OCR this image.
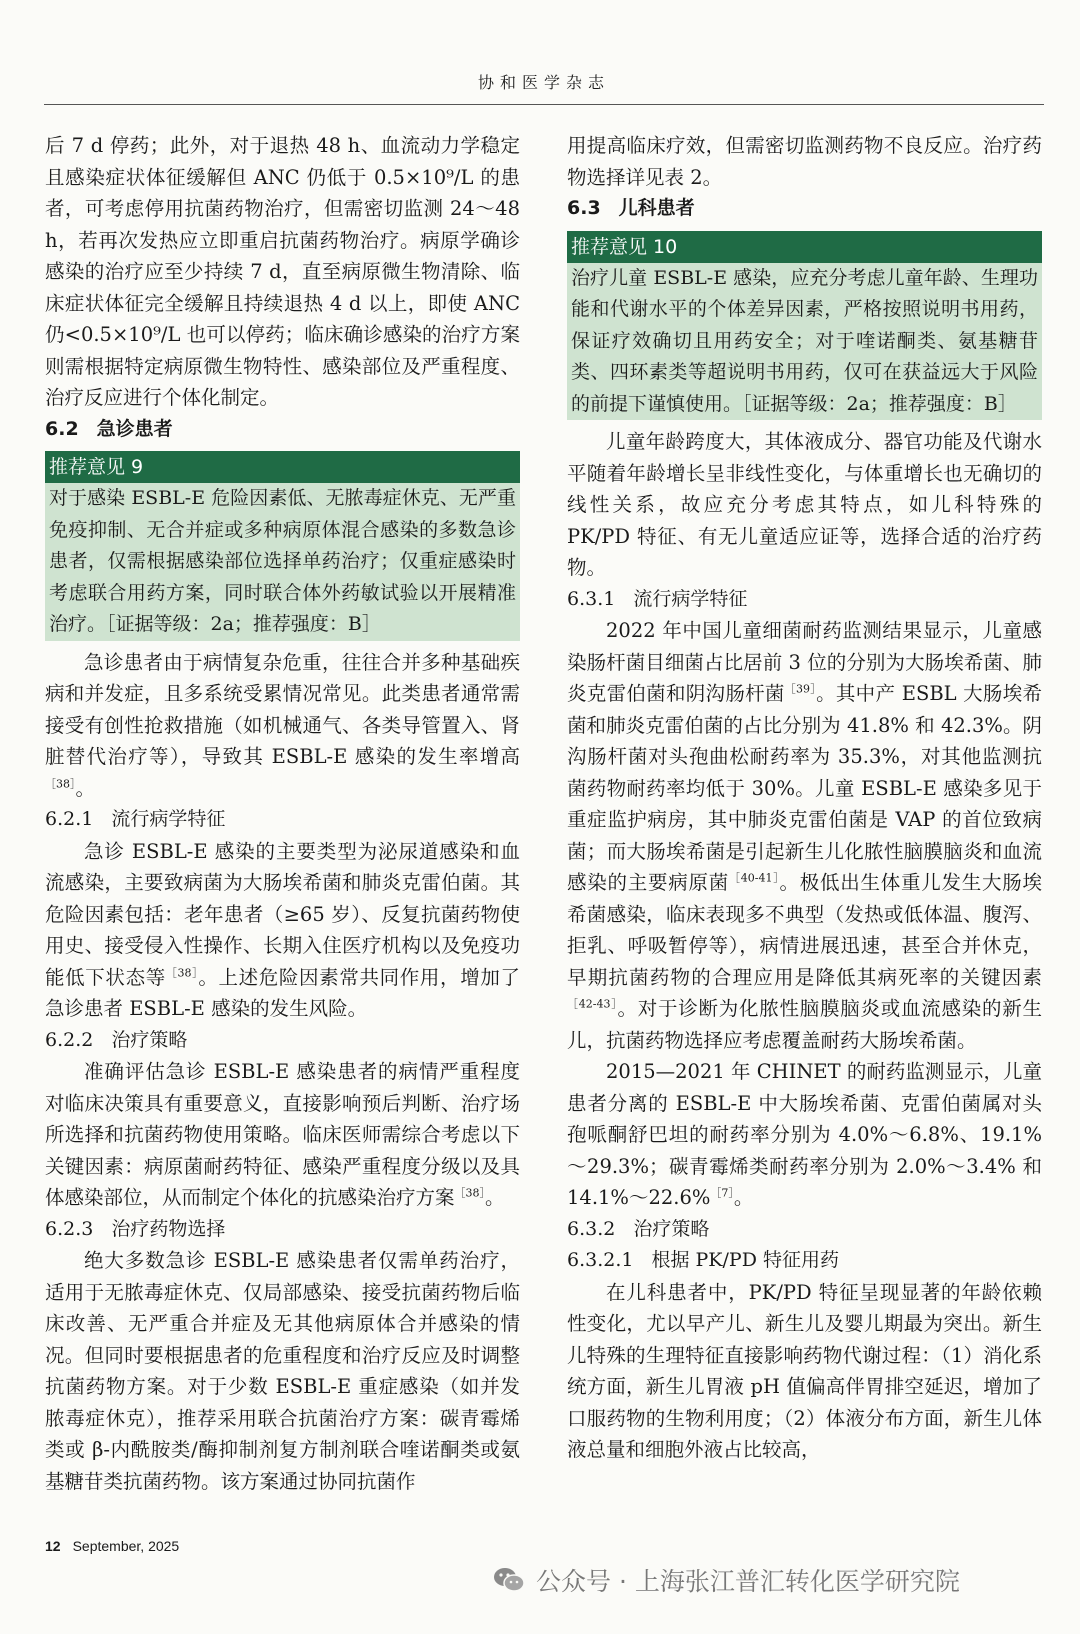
协和医学杂志

后 7 d 停药；此外，对于退热 48 h、血流动力学稳定且感染症状体征缓解但 ANC 仍低于 0.5×10⁹/L 的患者，可考虑停用抗菌药物治疗，但需密切监测 24～48 h，若再次发热应立即重启抗菌药物治疗。病原学确诊感染的治疗应至少持续 7 d，直至病原微生物清除、临床症状体征完全缓解且持续退热 4 d 以上，即使 ANC 仍<0.5×10⁹/L 也可以停药；临床确诊感染的治疗方案则需根据特定病原微生物特性、感染部位及严重程度、治疗反应进行个体化制定。

6.2 急诊患者
推荐意见 9
对于感染 ESBL-E 危险因素低、无脓毒症休克、无严重免疫抑制、无合并症或多种病原体混合感染的多数急诊患者，仅需根据感染部位选择单药治疗；仅重症感染时考虑联合用药方案，同时联合体外药敏试验以开展精准治疗。［证据等级：2a；推荐强度：B］

急诊患者由于病情复杂危重，往往合并多种基础疾病和并发症，且多系统受累情况常见。此类患者通常需接受有创性抢救措施（如机械通气、各类导管置入、肾脏替代治疗等），导致其 ESBL-E 感染的发生率增高$^{[38]}$。

6.2.1 流行病学特征

急诊 ESBL-E 感染的主要类型为泌尿道感染和血流感染，主要致病菌为大肠埃希菌和肺炎克雷伯菌。其危险因素包括：老年患者（≥65 岁）、反复抗菌药物使用史、接受侵入性操作、长期入住医疗机构以及免疫功能低下状态等$^{[38]}$。上述危险因素常共同作用，增加了急诊患者 ESBL-E 感染的发生风险。

6.2.2 治疗策略

准确评估急诊 ESBL-E 感染患者的病情严重程度对临床决策具有重要意义，直接影响预后判断、治疗场所选择和抗菌药物使用策略。临床医师需综合考虑以下关键因素：病原菌耐药特征、感染严重程度分级以及具体感染部位，从而制定个体化的抗感染治疗方案$^{[38]}$。

6.2.3 治疗药物选择

绝大多数急诊 ESBL-E 感染患者仅需单药治疗，适用于无脓毒症休克、仅局部感染、接受抗菌药物后临床改善、无严重合并症及无其他病原体合并感染的情况。但同时要根据患者的危重程度和治疗反应及时调整抗菌药物方案。对于少数 ESBL-E 重症感染（如并发脓毒症休克），推荐采用联合抗菌治疗方案：碳青霉烯类或 β-内酰胺类/酶抑制剂复方制剂联合喹诺酮类或氨基糖苷类抗菌药物。该方案通过协同抗菌作

用提高临床疗效，但需密切监测药物不良反应。治疗药物选择详见表 2。

6.3 儿科患者
推荐意见 10
治疗儿童 ESBL-E 感染，应充分考虑儿童年龄、生理功能和代谢水平的个体差异因素，严格按照说明书用药，保证疗效确切且用药安全；对于喹诺酮类、氨基糖苷类、四环素类等超说明书用药，仅可在获益远大于风险的前提下谨慎使用。［证据等级：2a；推荐强度：B］

儿童年龄跨度大，其体液成分、器官功能及代谢水平随着年龄增长呈非线性变化，与体重增长也无确切的线性关系，故应充分考虑其特点，如儿科特殊的 PK/PD 特征、有无儿童适应证等，选择合适的治疗药物。

6.3.1 流行病学特征

2022 年中国儿童细菌耐药监测结果显示，儿童感染肠杆菌目细菌占比居前 3 位的分别为大肠埃希菌、肺炎克雷伯菌和阴沟肠杆菌$^{[39]}$。其中产 ESBL 大肠埃希菌和肺炎克雷伯菌的占比分别为 41.8% 和 42.3%。阴沟肠杆菌对头孢曲松耐药率为 35.3%，对其他监测抗菌药物耐药率均低于 30%。儿童 ESBL-E 感染多见于重症监护病房，其中肺炎克雷伯菌是 VAP 的首位致病菌；而大肠埃希菌是引起新生儿化脓性脑膜脑炎和血流感染的主要病原菌$^{[40-41]}$。极低出生体重儿发生大肠埃希菌感染，临床表现多不典型（发热或低体温、腹泻、拒乳、呼吸暂停等），病情进展迅速，甚至合并休克，早期抗菌药物的合理应用是降低其病死率的关键因素$^{[42-43]}$。对于诊断为化脓性脑膜脑炎或血流感染的新生儿，抗菌药物选择应考虑覆盖耐药大肠埃希菌。

2015—2021 年 CHINET 的耐药监测显示，儿童患者分离的 ESBL-E 中大肠埃希菌、克雷伯菌属对头孢哌酮舒巴坦的耐药率分别为 4.0%～6.8%、19.1%～29.3%；碳青霉烯类耐药率分别为 2.0%～3.4% 和 14.1%～22.6%$^{[7]}$。

6.3.2 治疗策略
6.3.2.1 根据 PK/PD 特征用药

在儿科患者中，PK/PD 特征呈现显著的年龄依赖性变化，尤以早产儿、新生儿及婴儿期最为突出。新生儿特殊的生理特征直接影响药物代谢过程：（1）消化系统方面，新生儿胃液 pH 值偏高伴胃排空延迟，增加了口服药物的生物利用度；（2）体液分布方面，新生儿体液总量和细胞外液占比较高，

12 September, 2025
公众号 · 上海张江普汇转化医学研究院
